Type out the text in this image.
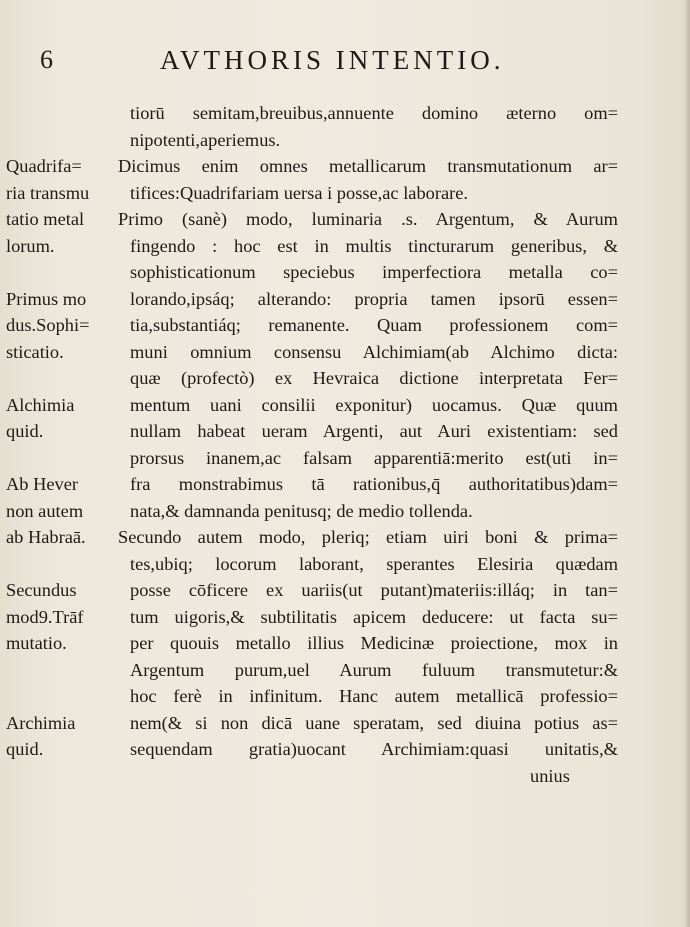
6	AVTHORIS INTENTIO.
tiorū semitam,breuibus,annuente domino æterno om=
nipotenti,aperiemus.
Quadrifa=	Dicimus enim omnes metallicarum transmutationum ar=
ria transmu	tifices:Quadrifariam uersa i posse,ac laborare.
tatio metal	Primo (sanè) modo, luminaria .s. Argentum, & Aurum
lorum.	fingendo : hoc est in multis tincturarum generibus, &
sophisticationum speciebus imperfectiora metalla co=
Primus mo	lorando,ipsáq; alterando: propria tamen ipsorū essen=
dus.Sophi=	tia,substantiáq; remanente. Quam professionem com=
sticatio.	muni omnium consensu Alchimiam(ab Alchimo dicta:
quæ (profectò) ex Hevraica dictione interpretata Fer=
Alchimia	mentum uani consilii exponitur) uocamus. Quæ quum
quid.	nullam habeat ueram Argenti, aut Auri existentiam: sed
prorsus inanem,ac falsam apparentiā:merito est(uti in=
Ab Hever	fra monstrabimus tā rationibus,q̄ authoritatibus)dam=
non autem	nata,& damnanda penitusq; de medio tollenda.
ab Habraā.	Secundo autem modo, pleriq; etiam uiri boni & prima=
tes,ubiq; locorum laborant, sperantes Elesiria quædam
Secundus	posse cōficere ex uariis(ut putant)materiis:illáq; in tan=
mod9.Trāf	tum uigoris,& subtilitatis apicem deducere: ut facta su=
mutatio.	per quouis metallo illius Medicinæ proiectione, mox in
Argentum purum,uel Aurum fuluum transmutetur:&
hoc ferè in infinitum. Hanc autem metallicā professio=
Archimia	nem(& si non dicā uane speratam, sed diuina potius as=
quid.	sequendam gratia)uocant Archimiam:quasi unitatis,&
unius
